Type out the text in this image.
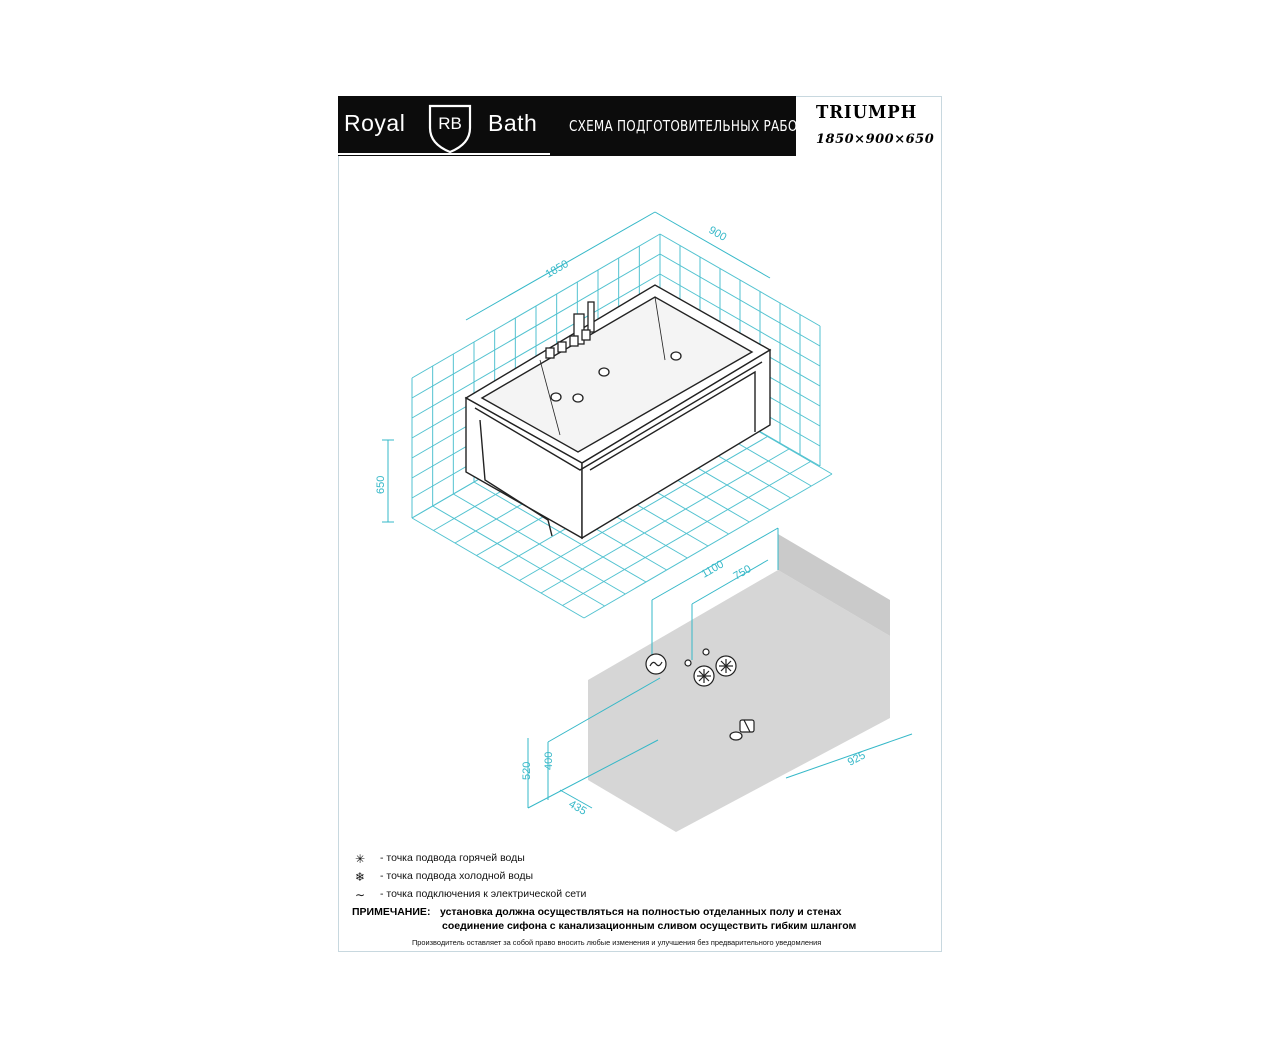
1850
900
650
1100 750
925
520
400
435
Royal RB Bath СХЕМА ПОДГОТОВИТЕЛЬНЫХ РАБОТ
TRIUMPH
1850×900×650
✳ - точка подвода горячей воды
❄ - точка подвода холодной воды
∼ - точка подключения к электрической сети
ПРИМЕЧАНИЕ: установка должна осуществляться на полностью отделанных полу и стенах
соединение сифона с канализационным сливом осуществить гибким шлангом
Производитель оставляет за собой право вносить любые изменения и улучшения без предварительного уведомления
